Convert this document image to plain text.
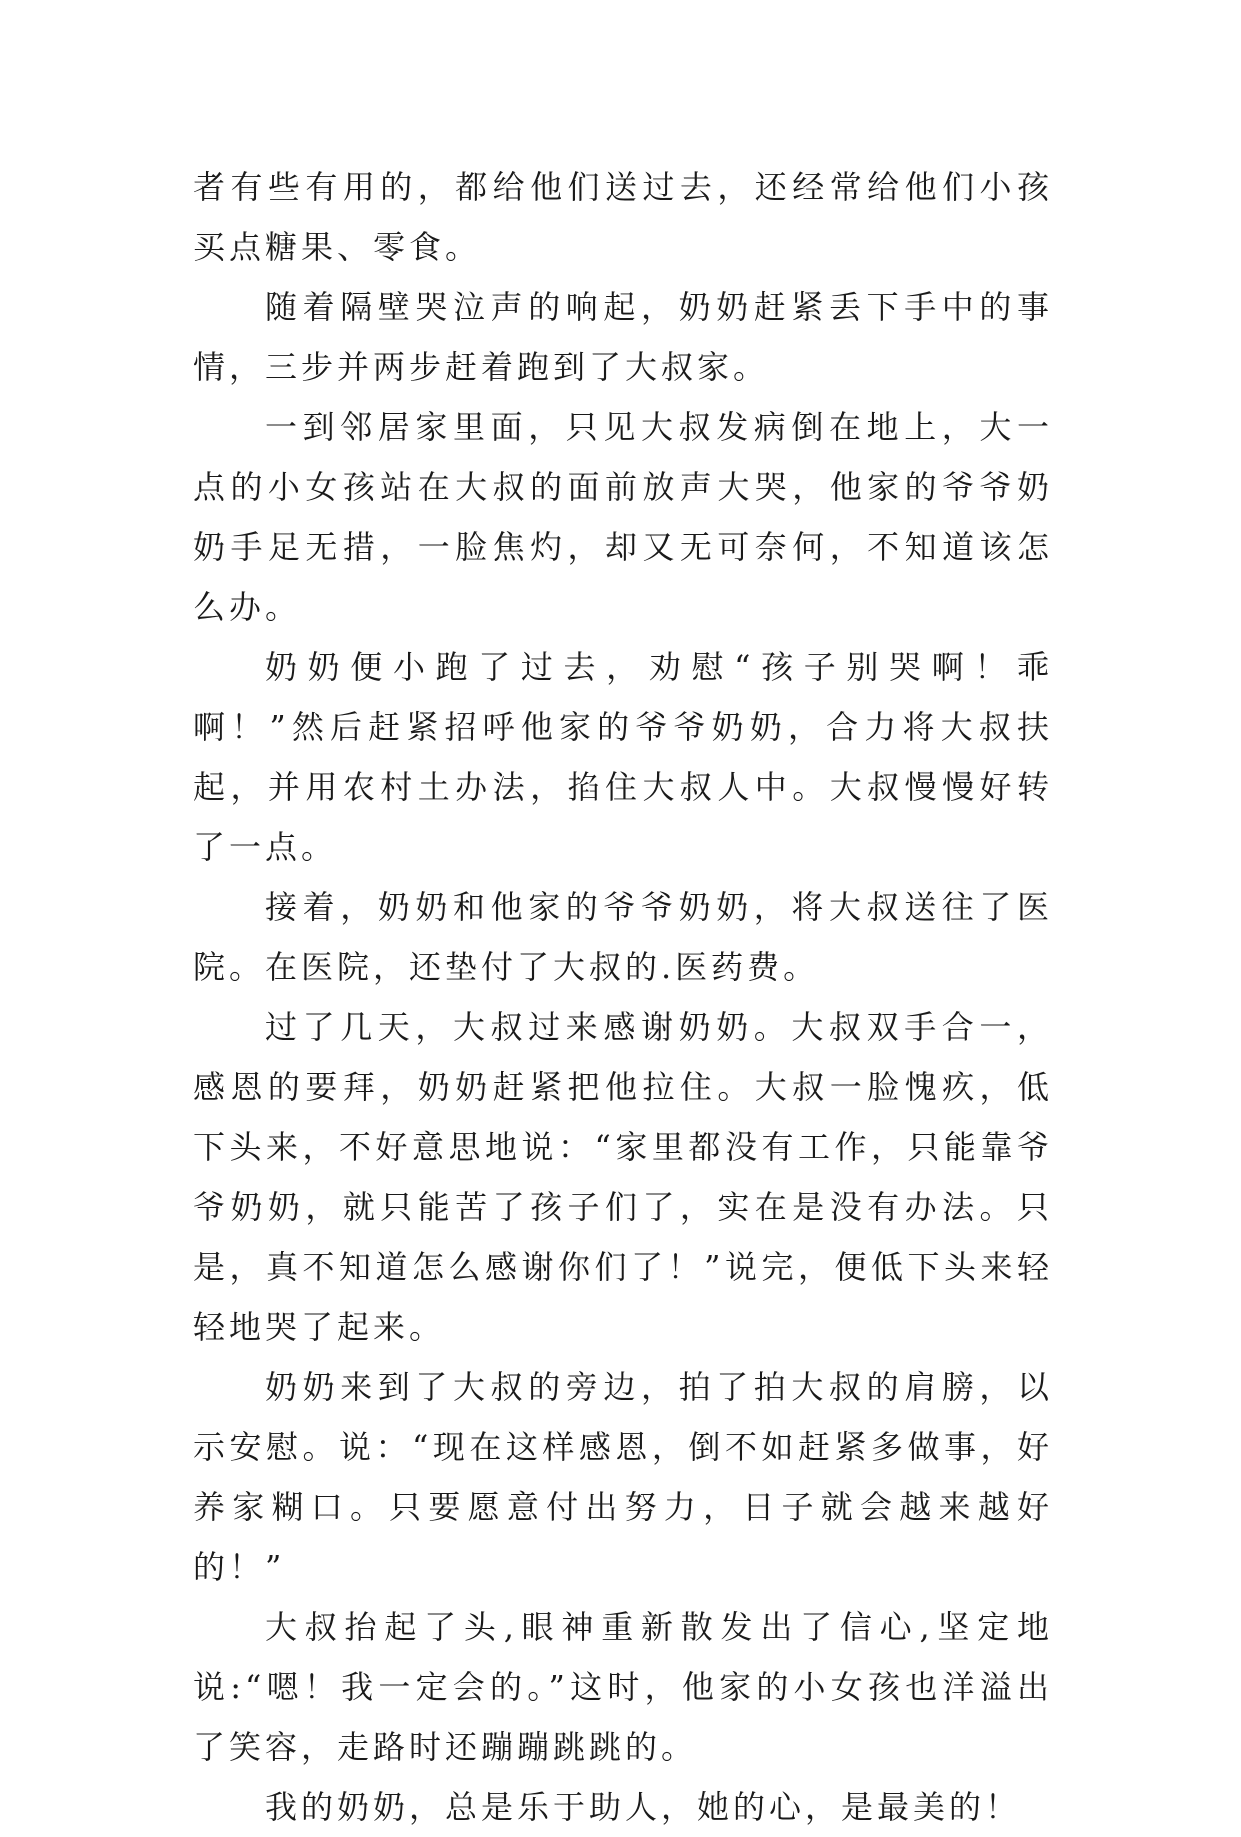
者有些有用的，都给他们送过去，还经常给他们小孩买点糖果、零食。

随着隔壁哭泣声的响起，奶奶赶紧丢下手中的事情，三步并两步赶着跑到了大叔家。

一到邻居家里面，只见大叔发病倒在地上，大一点的小女孩站在大叔的面前放声大哭，他家的爷爷奶奶手足无措，一脸焦灼，却又无可奈何，不知道该怎么办。

奶奶便小跑了过去，劝慰“孩子别哭啊！乖啊！”然后赶紧招呼他家的爷爷奶奶，合力将大叔扶起，并用农村土办法，掐住大叔人中。大叔慢慢好转了一点。

接着，奶奶和他家的爷爷奶奶，将大叔送往了医院。在医院，还垫付了大叔的.医药费。

过了几天，大叔过来感谢奶奶。大叔双手合一，感恩的要拜，奶奶赶紧把他拉住。大叔一脸愧疚，低下头来，不好意思地说：“家里都没有工作，只能靠爷爷奶奶，就只能苦了孩子们了，实在是没有办法。只是，真不知道怎么感谢你们了！”说完，便低下头来轻轻地哭了起来。

奶奶来到了大叔的旁边，拍了拍大叔的肩膀，以示安慰。说：“现在这样感恩，倒不如赶紧多做事，好养家糊口。只要愿意付出努力，日子就会越来越好的！”

大叔抬起了头,眼神重新散发出了信心,坚定地说:“嗯！我一定会的。”这时，他家的小女孩也洋溢出了笑容，走路时还蹦蹦跳跳的。

我的奶奶，总是乐于助人，她的心，是最美的！
